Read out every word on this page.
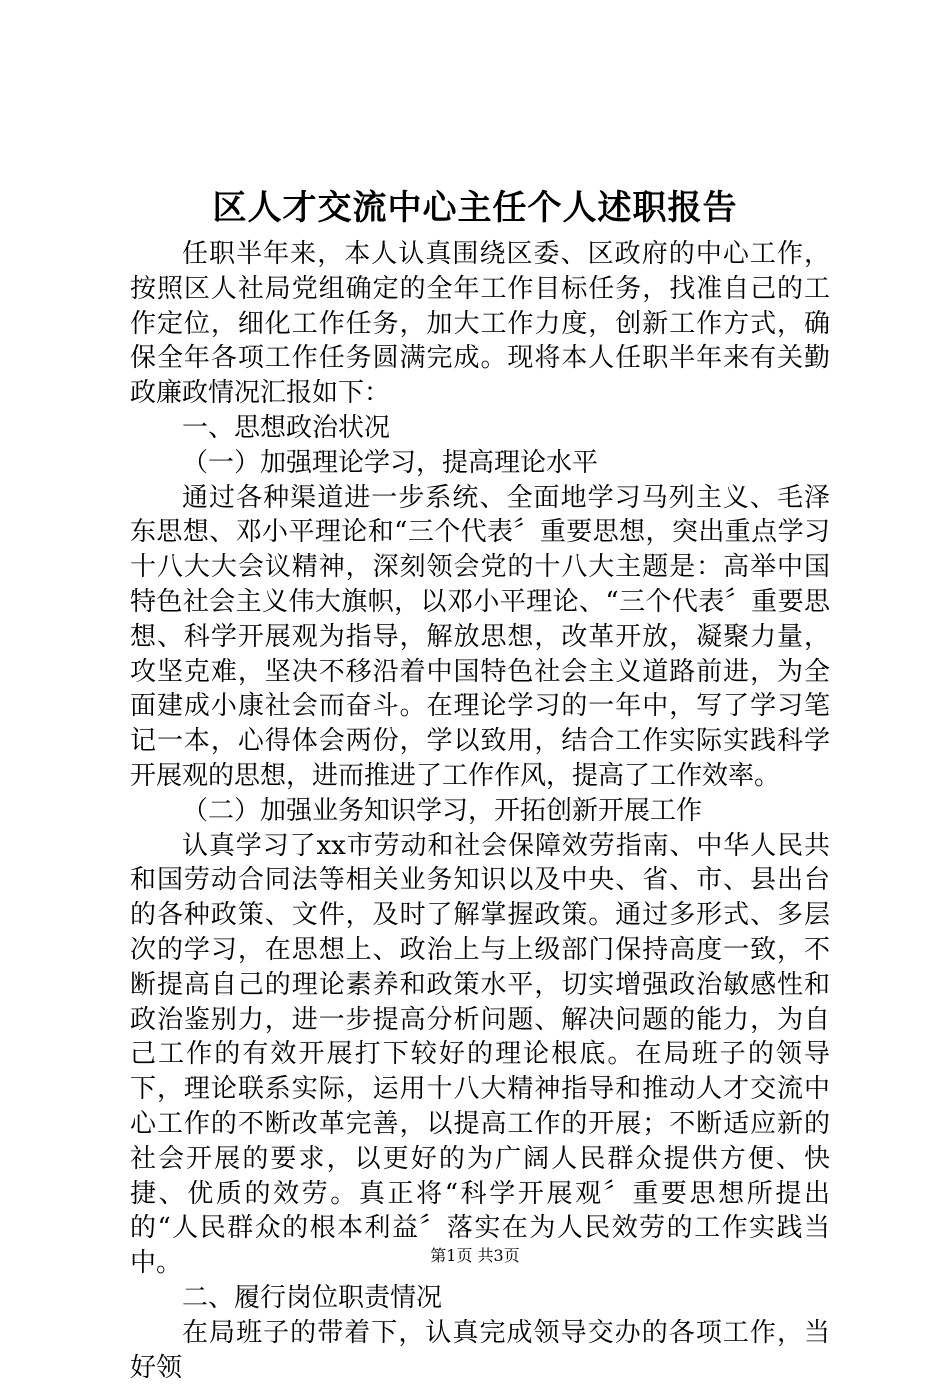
区人才交流中心主任个人述职报告

任职半年来，本人认真围绕区委、区政府的中心工作，按照区人社局党组确定的全年工作目标任务，找准自己的工作定位，细化工作任务，加大工作力度，创新工作方式，确保全年各项工作任务圆满完成。现将本人任职半年来有关勤政廉政情况汇报如下：

一、思想政治状况

（一）加强理论学习，提高理论水平

通过各种渠道进一步系统、全面地学习马列主义、毛泽东思想、邓小平理论和“三个代表〞重要思想，突出重点学习十八大大会议精神，深刻领会党的十八大主题是：高举中国特色社会主义伟大旗帜，以邓小平理论、“三个代表〞重要思想、科学开展观为指导，解放思想，改革开放，凝聚力量，攻坚克难，坚决不移沿着中国特色社会主义道路前进，为全面建成小康社会而奋斗。在理论学习的一年中，写了学习笔记一本，心得体会两份，学以致用，结合工作实际实践科学开展观的思想，进而推进了工作作风，提高了工作效率。

（二）加强业务知识学习，开拓创新开展工作

认真学习了xx市劳动和社会保障效劳指南、中华人民共和国劳动合同法等相关业务知识以及中央、省、市、县出台的各种政策、文件，及时了解掌握政策。通过多形式、多层次的学习，在思想上、政治上与上级部门保持高度一致，不断提高自己的理论素养和政策水平，切实增强政治敏感性和政治鉴别力，进一步提高分析问题、解决问题的能力，为自己工作的有效开展打下较好的理论根底。在局班子的领导下，理论联系实际，运用十八大精神指导和推动人才交流中心工作的不断改革完善，以提高工作的开展；不断适应新的社会开展的要求，以更好的为广阔人民群众提供方便、快捷、优质的效劳。真正将“科学开展观〞重要思想所提出的“人民群众的根本利益〞落实在为人民效劳的工作实践当中。

二、履行岗位职责情况

在局班子的带着下，认真完成领导交办的各项工作，当好领

第1页 共3页
